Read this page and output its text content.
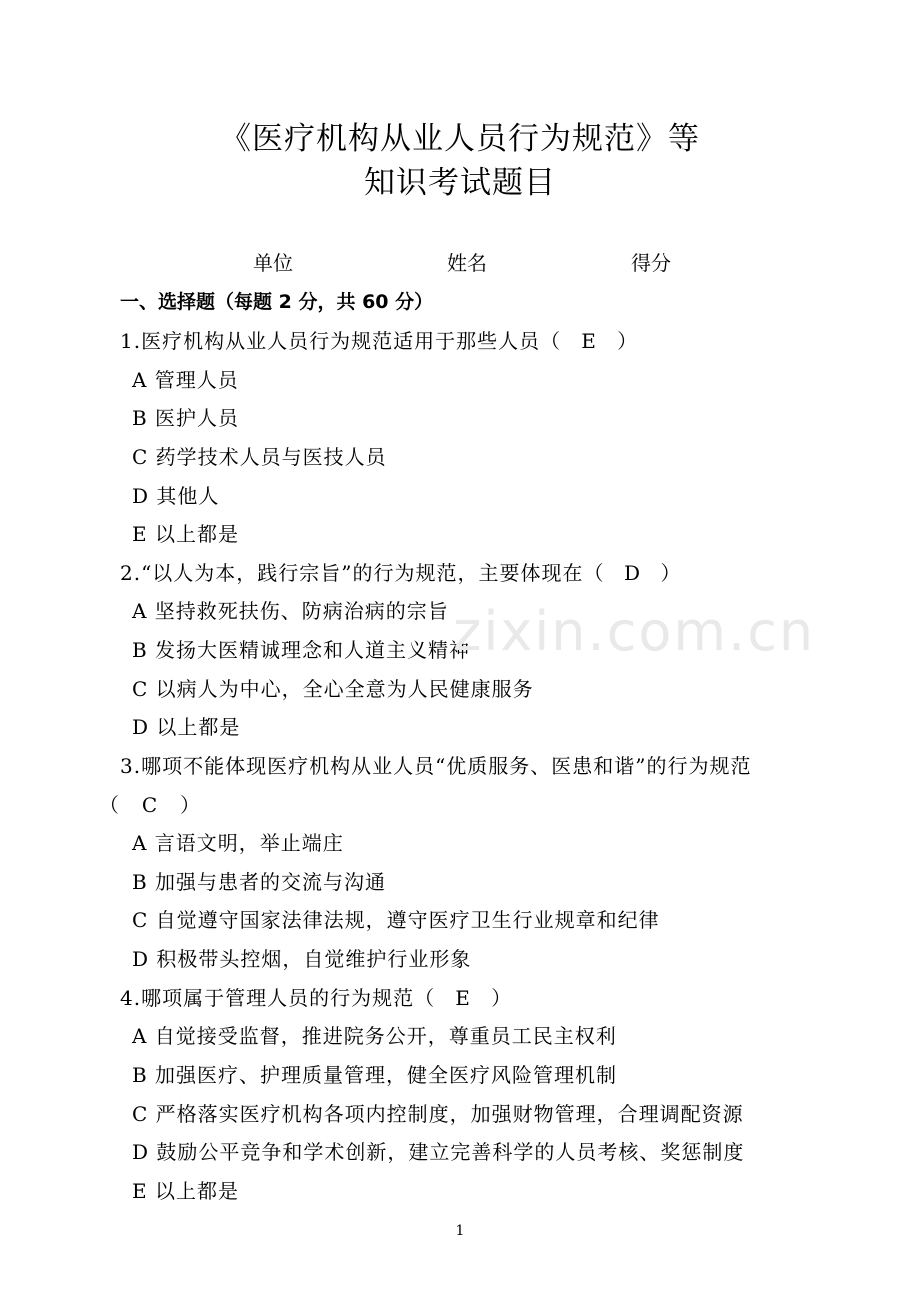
《医疗机构从业人员行为规范》等
知识考试题目
单位	姓名	得分
一、选择题（每题 2 分，共 60 分）
1.医疗机构从业人员行为规范适用于那些人员（ E ）
A 管理人员
B 医护人员
C 药学技术人员与医技人员
D 其他人
E 以上都是
2.“以人为本，践行宗旨”的行为规范，主要体现在（ D ）
A 坚持救死扶伤、防病治病的宗旨
B 发扬大医精诚理念和人道主义精神
C 以病人为中心，全心全意为人民健康服务
D 以上都是
3.哪项不能体现医疗机构从业人员“优质服务、医患和谐”的行为规范
（ C ）
A 言语文明，举止端庄
B 加强与患者的交流与沟通
C 自觉遵守国家法律法规，遵守医疗卫生行业规章和纪律
D 积极带头控烟，自觉维护行业形象
4.哪项属于管理人员的行为规范（ E ）
A 自觉接受监督，推进院务公开，尊重员工民主权利
B 加强医疗、护理质量管理，健全医疗风险管理机制
C 严格落实医疗机构各项内控制度，加强财物管理，合理调配资源
D 鼓励公平竞争和学术创新，建立完善科学的人员考核、奖惩制度
E 以上都是
zixin.com.cn
1
